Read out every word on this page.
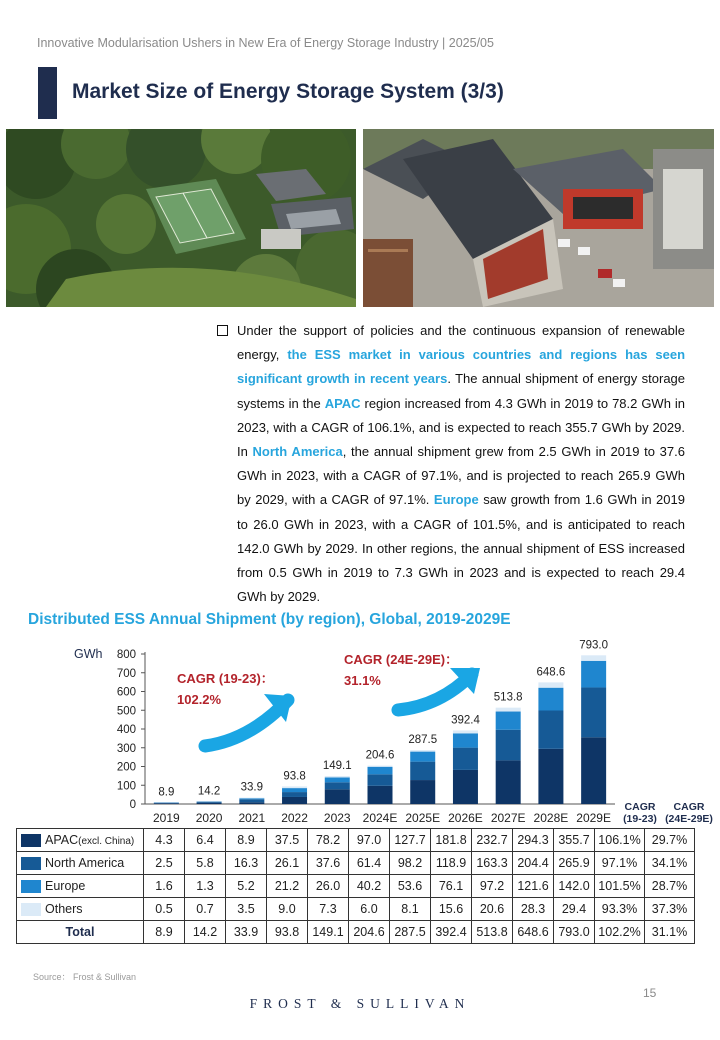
Innovative Modularisation Ushers in New Era of Energy Storage Industry | 2025/05
Market Size of Energy Storage System (3/3)
Under the support of policies and the continuous expansion of renewable energy, the ESS market in various countries and regions has seen significant growth in recent years. The annual shipment of energy storage systems in the APAC region increased from 4.3 GWh in 2019 to 78.2 GWh in 2023, with a CAGR of 106.1%, and is expected to reach 355.7 GWh by 2029. In North America, the annual shipment grew from 2.5 GWh in 2019 to 37.6 GWh in 2023, with a CAGR of 97.1%, and is projected to reach 265.9 GWh by 2029, with a CAGR of 97.1%. Europe saw growth from 1.6 GWh in 2019 to 26.0 GWh in 2023, with a CAGR of 101.5%, and is anticipated to reach 142.0 GWh by 2029. In other regions, the annual shipment of ESS increased from 0.5 GWh in 2019 to 7.3 GWh in 2023 and is expected to reach 29.4 GWh by 2029.
Distributed ESS Annual Shipment (by region), Global, 2019-2029E
GWh
0
100
200
300
400
500
600
700
800
8.9 14.2 33.9
93.8
149.1
204.6
287.5
392.4
513.8
648.6
793.0
2019 2020 2021 2022 2023 2024E 2025E 2026E 2027E 2028E 2029E
CAGR (19-23)：
102.2%
CAGR (24E-29E)：
31.1%
CAGR
(19-23)
CAGR
(24E-29E)
APAC(excl. China)	4.3	6.4	8.9	37.5	78.2	97.0	127.7	181.8	232.7	294.3	355.7	106.1%	29.7%

North America	2.5	5.8	16.3	26.1	37.6	61.4	98.2	118.9	163.3	204.4	265.9	97.1%	34.1%

Europe	1.6	1.3	5.2	21.2	26.0	40.2	53.6	76.1	97.2	121.6	142.0	101.5%	28.7%

Others	0.5	0.7	3.5	9.0	7.3	6.0	8.1	15.6	20.6	28.3	29.4	93.3%	37.3%
Total	8.9	14.2	33.9	93.8	149.1	204.6	287.5	392.4	513.8	648.6	793.0	102.2%	31.1%
Source： Frost & Sullivan
15
FROST & SULLIVAN
